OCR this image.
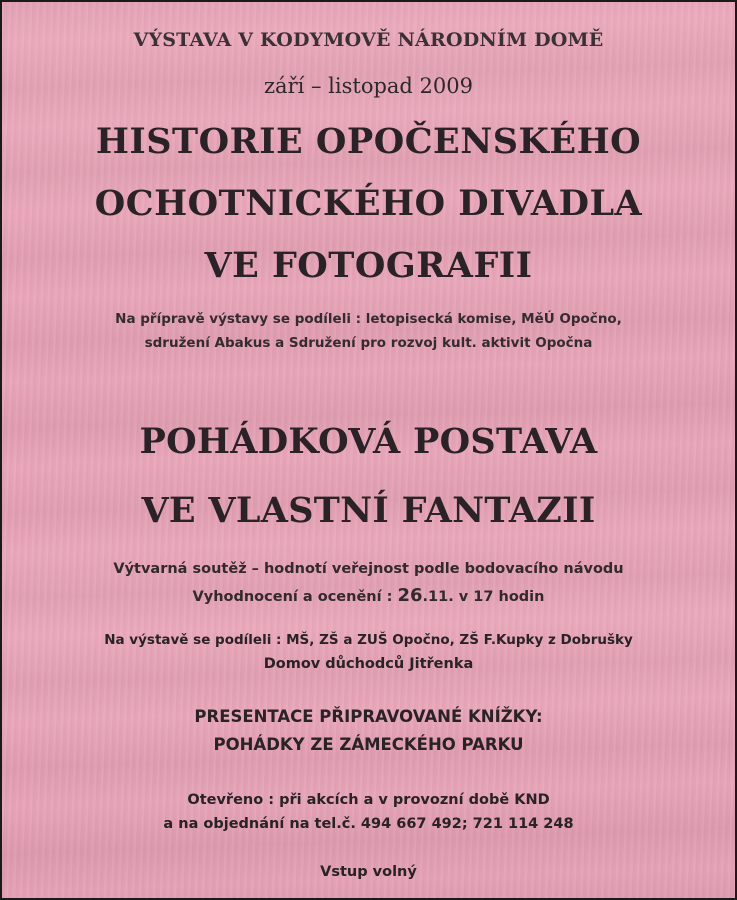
VÝSTAVA V KODYMOVĚ NÁRODNÍM DOMĚ

září – listopad 2009

HISTORIE OPOČENSKÉHO

OCHOTNICKÉHO DIVADLA

VE FOTOGRAFII

Na přípravě výstavy se podíleli : letopisecká komise, MěÚ Opočno,

sdružení Abakus a Sdružení pro rozvoj kult. aktivit Opočna

POHÁDKOVÁ POSTAVA

VE VLASTNÍ FANTAZII

Výtvarná soutěž – hodnotí veřejnost podle bodovacího návodu

Vyhodnocení a ocenění : 26.11. v 17 hodin

Na výstavě se podíleli : MŠ, ZŠ a ZUŠ Opočno, ZŠ F.Kupky z Dobrušky

Domov důchodců Jitřenka

PRESENTACE PŘIPRAVOVANÉ KNÍŽKY:

POHÁDKY ZE ZÁMECKÉHO PARKU

Otevřeno : při akcích a v provozní době KND

a na objednání na tel.č. 494 667 492; 721 114 248

Vstup volný
